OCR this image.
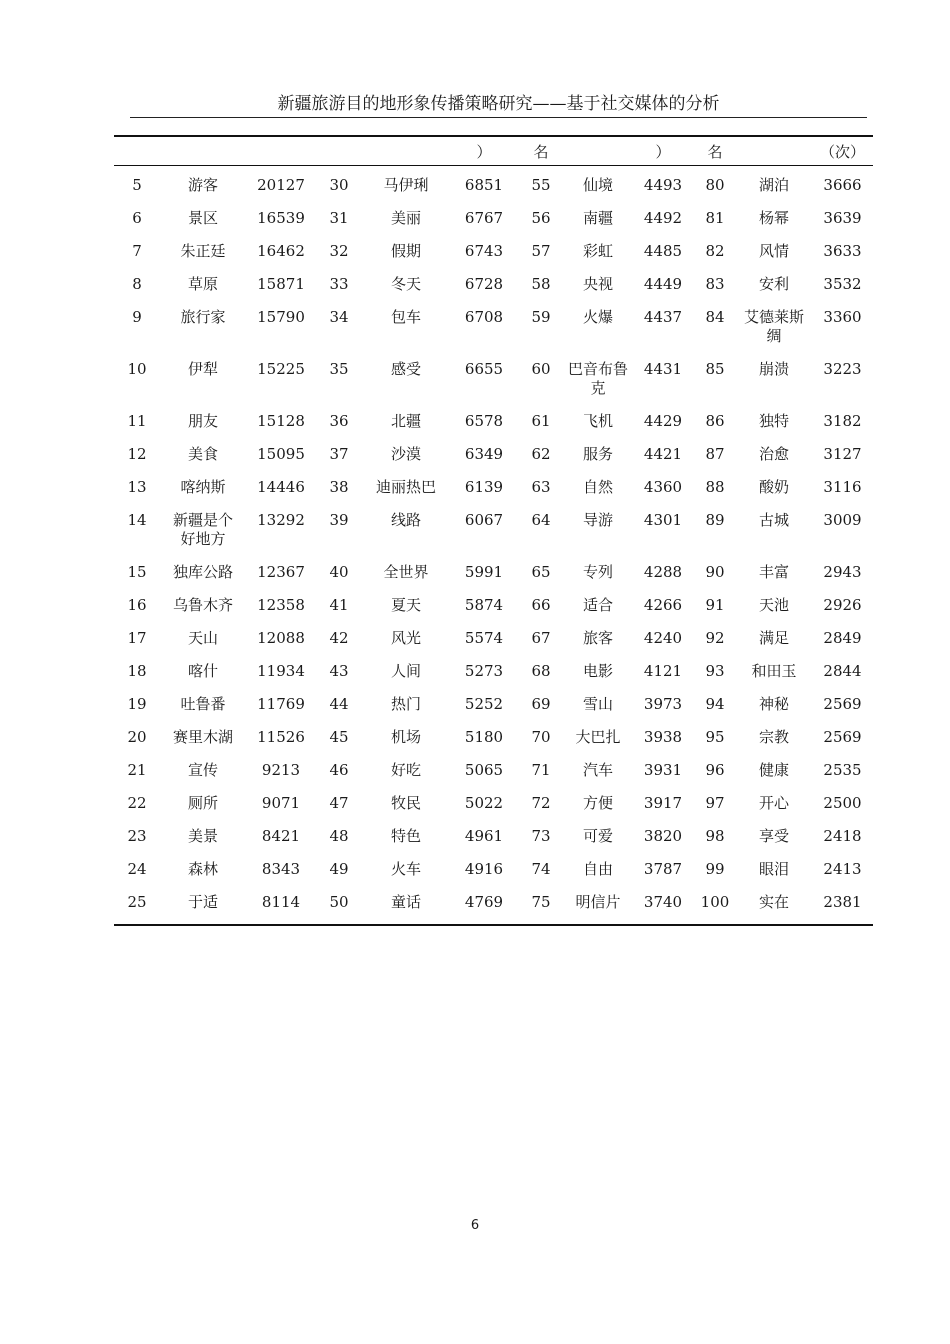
新疆旅游目的地形象传播策略研究——基于社交媒体的分析
					）	名		）	名		（次）
5	游客	20127	30	马伊琍	6851	55	仙境	4493	80	湖泊	3666
6	景区	16539	31	美丽	6767	56	南疆	4492	81	杨幂	3639
7	朱正廷	16462	32	假期	6743	57	彩虹	4485	82	风情	3633
8	草原	15871	33	冬天	6728	58	央视	4449	83	安利	3532
9	旅行家	15790	34	包车	6708	59	火爆	4437	84	艾德莱斯绸	3360
10	伊犁	15225	35	感受	6655	60	巴音布鲁克	4431	85	崩溃	3223
11	朋友	15128	36	北疆	6578	61	飞机	4429	86	独特	3182
12	美食	15095	37	沙漠	6349	62	服务	4421	87	治愈	3127
13	喀纳斯	14446	38	迪丽热巴	6139	63	自然	4360	88	酸奶	3116
14	新疆是个好地方	13292	39	线路	6067	64	导游	4301	89	古城	3009
15	独库公路	12367	40	全世界	5991	65	专列	4288	90	丰富	2943
16	乌鲁木齐	12358	41	夏天	5874	66	适合	4266	91	天池	2926
17	天山	12088	42	风光	5574	67	旅客	4240	92	满足	2849
18	喀什	11934	43	人间	5273	68	电影	4121	93	和田玉	2844
19	吐鲁番	11769	44	热门	5252	69	雪山	3973	94	神秘	2569
20	赛里木湖	11526	45	机场	5180	70	大巴扎	3938	95	宗教	2569
21	宣传	9213	46	好吃	5065	71	汽车	3931	96	健康	2535
22	厕所	9071	47	牧民	5022	72	方便	3917	97	开心	2500
23	美景	8421	48	特色	4961	73	可爱	3820	98	享受	2418
24	森林	8343	49	火车	4916	74	自由	3787	99	眼泪	2413
25	于适	8114	50	童话	4769	75	明信片	3740	100	实在	2381
6
